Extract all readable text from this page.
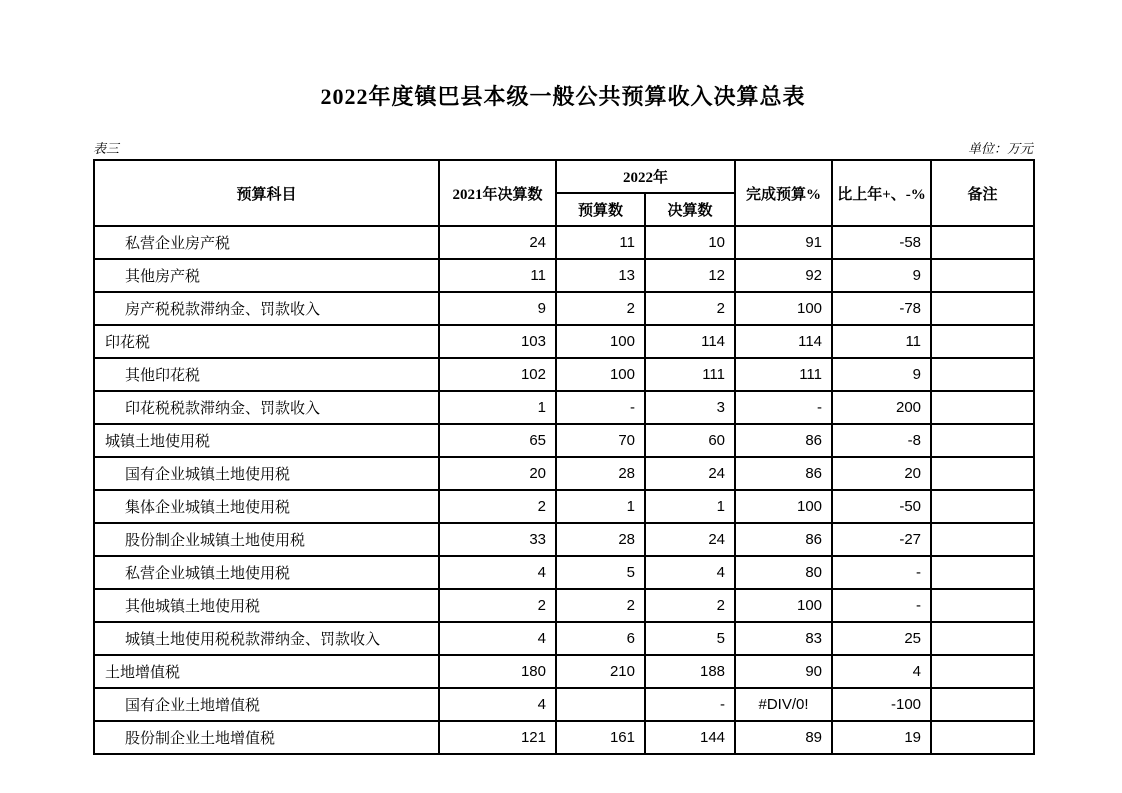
2022年度镇巴县本级一般公共预算收入决算总表
表三	单位：万元
预算科目	2021年决算数	2022年		完成预算%	比上年+、-%	备注
		预算数	决算数			
私营企业房产税	24	11	10	91	-58	
其他房产税	11	13	12	92	9	
房产税税款滞纳金、罚款收入	9	2	2	100	-78	
印花税	103	100	114	114	11	
其他印花税	102	100	111	111	9	
印花税税款滞纳金、罚款收入	1	-	3	-	200	
城镇土地使用税	65	70	60	86	-8	
国有企业城镇土地使用税	20	28	24	86	20	
集体企业城镇土地使用税	2	1	1	100	-50	
股份制企业城镇土地使用税	33	28	24	86	-27	
私营企业城镇土地使用税	4	5	4	80	-	
其他城镇土地使用税	2	2	2	100	-	
城镇土地使用税税款滞纳金、罚款收入	4	6	5	83	25	
土地增值税	180	210	188	90	4	
国有企业土地增值税	4		-	#DIV/0!	-100	
股份制企业土地增值税	121	161	144	89	19	
